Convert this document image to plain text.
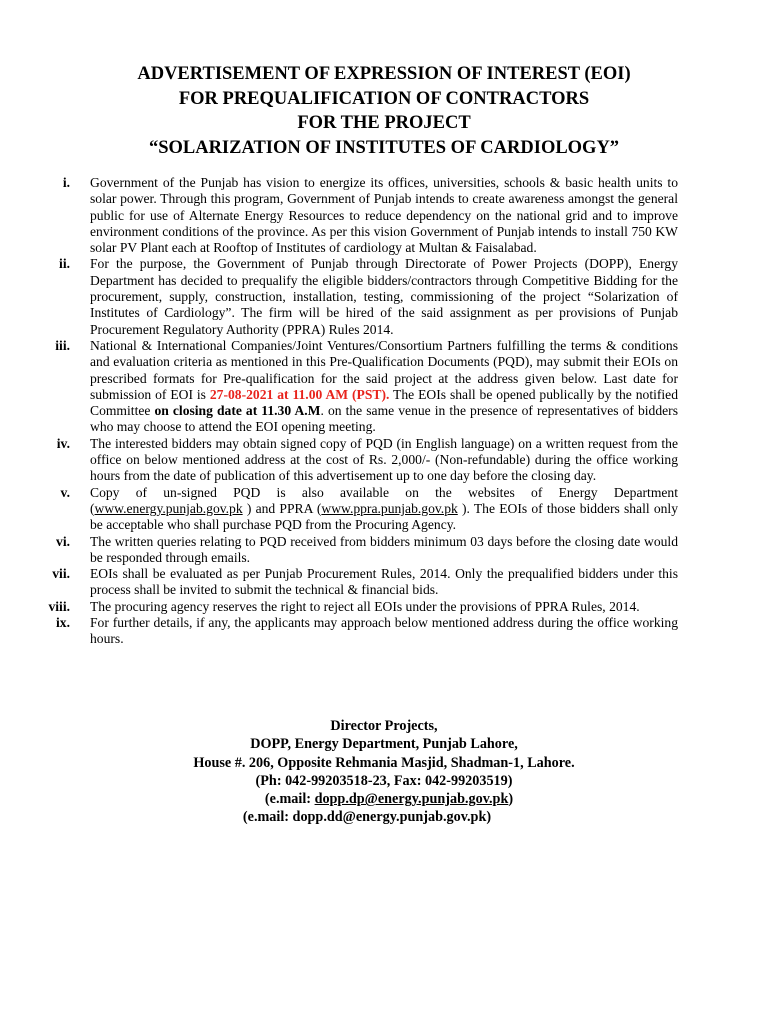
ADVERTISEMENT OF EXPRESSION OF INTEREST (EOI)
FOR PREQUALIFICATION OF CONTRACTORS
FOR THE PROJECT
“SOLARIZATION OF INSTITUTES OF CARDIOLOGY”
i. Government of the Punjab has vision to energize its offices, universities, schools & basic health units to solar power. Through this program, Government of Punjab intends to create awareness amongst the general public for use of Alternate Energy Resources to reduce dependency on the national grid and to improve environment conditions of the province. As per this vision Government of Punjab intends to install 750 KW solar PV Plant each at Rooftop of Institutes of cardiology at Multan & Faisalabad.
ii. For the purpose, the Government of Punjab through Directorate of Power Projects (DOPP), Energy Department has decided to prequalify the eligible bidders/contractors through Competitive Bidding for the procurement, supply, construction, installation, testing, commissioning of the project “Solarization of Institutes of Cardiology”. The firm will be hired of the said assignment as per provisions of Punjab Procurement Regulatory Authority (PPRA) Rules 2014.
iii. National & International Companies/Joint Ventures/Consortium Partners fulfilling the terms & conditions and evaluation criteria as mentioned in this Pre-Qualification Documents (PQD), may submit their EOIs on prescribed formats for Pre-qualification for the said project at the address given below. Last date for submission of EOI is 27-08-2021 at 11.00 AM (PST). The EOIs shall be opened publically by the notified Committee on closing date at 11.30 A.M. on the same venue in the presence of representatives of bidders who may choose to attend the EOI opening meeting.
iv. The interested bidders may obtain signed copy of PQD (in English language) on a written request from the office on below mentioned address at the cost of Rs. 2,000/- (Non-refundable) during the office working hours from the date of publication of this advertisement up to one day before the closing day.
v. Copy of un-signed PQD is also available on the websites of Energy Department (www.energy.punjab.gov.pk ) and PPRA (www.ppra.punjab.gov.pk ). The EOIs of those bidders shall only be acceptable who shall purchase PQD from the Procuring Agency.
vi. The written queries relating to PQD received from bidders minimum 03 days before the closing date would be responded through emails.
vii. EOIs shall be evaluated as per Punjab Procurement Rules, 2014. Only the prequalified bidders under this process shall be invited to submit the technical & financial bids.
viii. The procuring agency reserves the right to reject all EOIs under the provisions of PPRA Rules, 2014.
ix. For further details, if any, the applicants may approach below mentioned address during the office working hours.
Director Projects,
DOPP, Energy Department, Punjab Lahore,
House #. 206, Opposite Rehmania Masjid, Shadman-1, Lahore.
(Ph: 042-99203518-23, Fax: 042-99203519)
(e.mail: dopp.dp@energy.punjab.gov.pk)
(e.mail: dopp.dd@energy.punjab.gov.pk)
